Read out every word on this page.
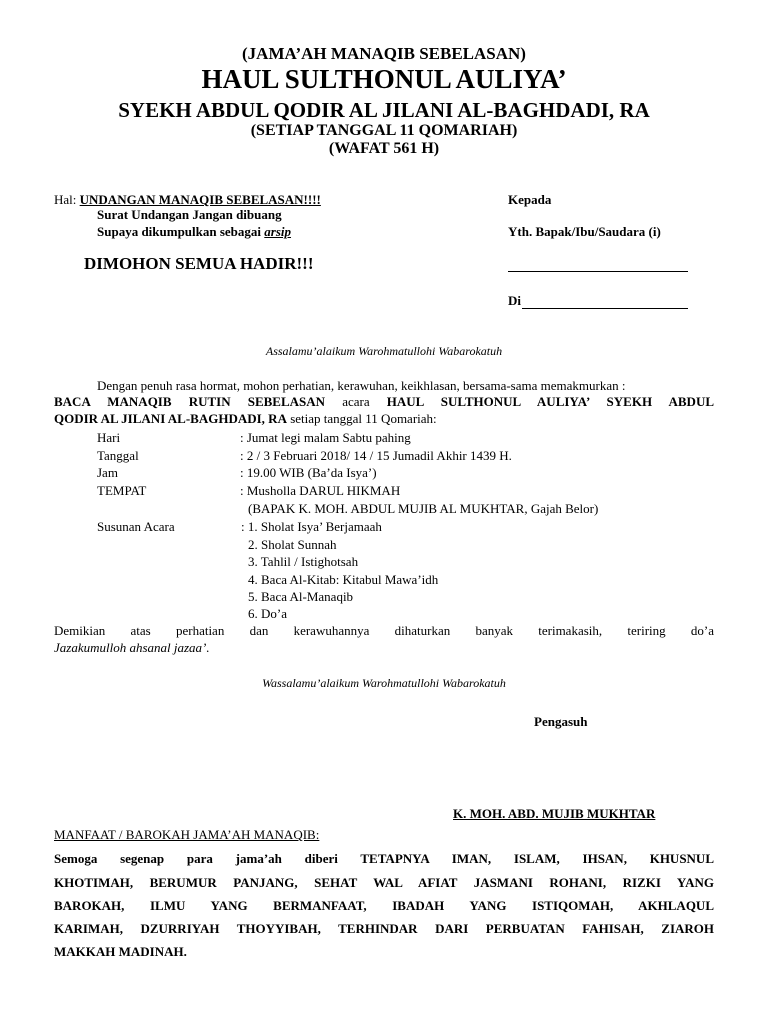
(JAMA’AH MANAQIB SEBELASAN)
HAUL SULTHONUL AULIYA’
SYEKH ABDUL QODIR AL JILANI AL-BAGHDADI, RA
(SETIAP TANGGAL 11 QOMARIAH)
(WAFAT 561 H)
Hal: UNDANGAN MANAQIB SEBELASAN!!!!
Surat Undangan Jangan dibuang
Supaya dikumpulkan sebagai arsip
DIMOHON SEMUA HADIR!!!
Kepada
Yth. Bapak/Ibu/Saudara (i)
Di
Assalamu’alaikum Warohmatullohi Wabarokatuh
Dengan penuh rasa hormat, mohon perhatian, kerawuhan, keikhlasan, bersama-sama memakmurkan :
BACA MANAQIB RUTIN SEBELASAN acara HAUL SULTHONUL AULIYA’ SYEKH ABDUL
QODIR AL JILANI AL-BAGHDADI, RA setiap tanggal 11 Qomariah:
Hari	: Jumat legi malam Sabtu pahing
Tanggal	: 2 / 3 Februari 2018/ 14 / 15 Jumadil Akhir 1439 H.
Jam	: 19.00 WIB (Ba’da Isya’)
TEMPAT	: Musholla DARUL HIKMAH
(BAPAK K. MOH. ABDUL MUJIB AL MUKHTAR, Gajah Belor)
Susunan Acara	: 1. Sholat Isya’ Berjamaah
2. Sholat Sunnah
3. Tahlil / Istighotsah
4. Baca Al-Kitab: Kitabul Mawa’idh
5. Baca Al-Manaqib
6. Do’a
Demikian atas perhatian dan kerawuhannya dihaturkan banyak terimakasih, teriring do’a
Jazakumulloh ahsanal jazaa’.
Wassalamu’alaikum Warohmatullohi Wabarokatuh
Pengasuh
K. MOH. ABD. MUJIB MUKHTAR
MANFAAT / BAROKAH JAMA’AH MANAQIB:
Semoga segenap para jama’ah diberi TETAPNYA IMAN, ISLAM, IHSAN, KHUSNUL
KHOTIMAH, BERUMUR PANJANG, SEHAT WAL AFIAT JASMANI ROHANI, RIZKI YANG
BAROKAH, ILMU YANG BERMANFAAT, IBADAH YANG ISTIQOMAH, AKHLAQUL
KARIMAH, DZURRIYAH THOYYIBAH, TERHINDAR DARI PERBUATAN FAHISAH, ZIAROH
MAKKAH MADINAH.
